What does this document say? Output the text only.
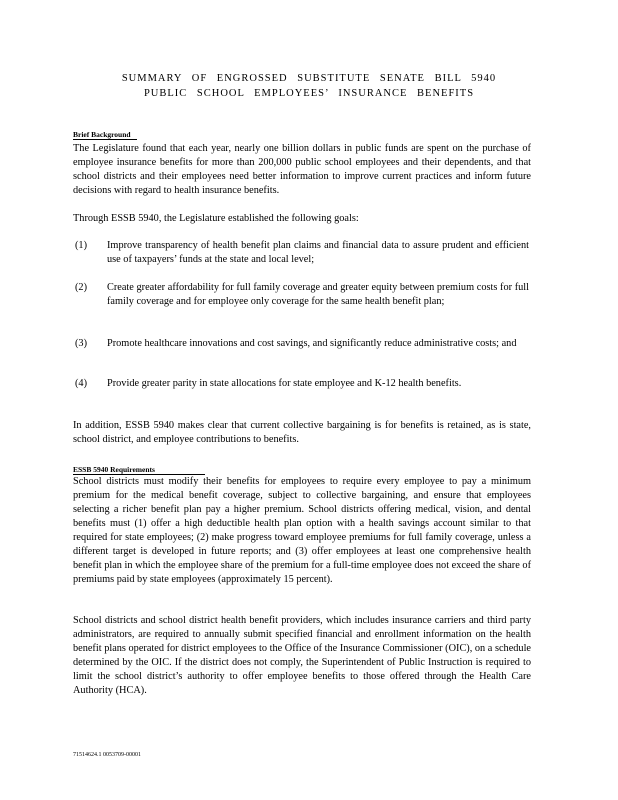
SUMMARY OF ENGROSSED SUBSTITUTE SENATE BILL 5940
PUBLIC SCHOOL EMPLOYEES’ INSURANCE BENEFITS
Brief Background
The Legislature found that each year, nearly one billion dollars in public funds are spent on the purchase of employee insurance benefits for more than 200,000 public school employees and their dependents, and that school districts and their employees need better information to improve current practices and inform future decisions with regard to health insurance benefits.
Through ESSB 5940, the Legislature established the following goals:
(1)	Improve transparency of health benefit plan claims and financial data to assure prudent and efficient use of taxpayers’ funds at the state and local level;
(2)	Create greater affordability for full family coverage and greater equity between premium costs for full family coverage and for employee only coverage for the same health benefit plan;
(3)	Promote healthcare innovations and cost savings, and significantly reduce administrative costs; and
(4)	Provide greater parity in state allocations for state employee and K-12 health benefits.
In addition, ESSB 5940 makes clear that current collective bargaining is for benefits is retained, as is state, school district, and employee contributions to benefits.
ESSB 5940 Requirements
School districts must modify their benefits for employees to require every employee to pay a minimum premium for the medical benefit coverage, subject to collective bargaining, and ensure that employees selecting a richer benefit plan pay a higher premium. School districts offering medical, vision, and dental benefits must (1) offer a high deductible health plan option with a health savings account similar to that required for state employees; (2) make progress toward employee premiums for full family coverage, unless a different target is developed in future reports; and (3) offer employees at least one comprehensive health benefit plan in which the employee share of the premium for a full-time employee does not exceed the share of premiums paid by state employees (approximately 15 percent).
School districts and school district health benefit providers, which includes insurance carriers and third party administrators, are required to annually submit specified financial and enrollment information on the health benefit plans operated for district employees to the Office of the Insurance Commissioner (OIC), on a schedule determined by the OIC. If the district does not comply, the Superintendent of Public Instruction is required to limit the school district’s authority to offer employee benefits to those offered through the Health Care Authority (HCA).
71514624.1 0053709-00001
